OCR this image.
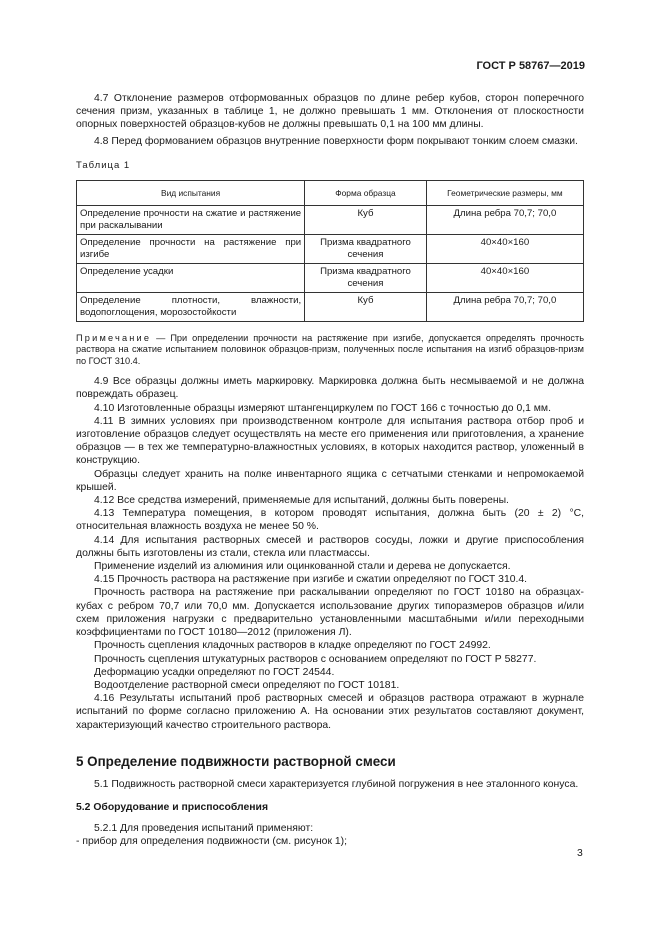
ГОСТ Р 58767—2019

4.7 Отклонение размеров отформованных образцов по длине ребер кубов, сторон поперечного сечения призм, указанных в таблице 1, не должно превышать 1 мм. Отклонения от плоскостности опорных поверхностей образцов-кубов не должны превышать 0,1 на 100 мм длины.

4.8 Перед формованием образцов внутренние поверхности форм покрывают тонким слоем смазки.

Таблица 1

Вид испытания	Форма образца	Геометрические размеры, мм
Определение прочности на сжатие и растяжение при раскалывании	Куб	Длина ребра 70,7; 70,0
Определение прочности на растяжение при изгибе	Призма квадратного сечения	40×40×160
Определение усадки	Призма квадратного сечения	40×40×160
Определение плотности, влажности, водопоглощения, морозостойкости	Куб	Длина ребра 70,7; 70,0

Примечание — При определении прочности на растяжение при изгибе, допускается определять прочность раствора на сжатие испытанием половинок образцов-призм, полученных после испытания на изгиб образцов-призм по ГОСТ 310.4.

4.9 Все образцы должны иметь маркировку. Маркировка должна быть несмываемой и не должна повреждать образец.

4.10 Изготовленные образцы измеряют штангенциркулем по ГОСТ 166 с точностью до 0,1 мм.

4.11 В зимних условиях при производственном контроле для испытания раствора отбор проб и изготовление образцов следует осуществлять на месте его применения или приготовления, а хранение образцов — в тех же температурно-влажностных условиях, в которых находится раствор, уложенный в конструкцию.

Образцы следует хранить на полке инвентарного ящика с сетчатыми стенками и непромокаемой крышей.

4.12 Все средства измерений, применяемые для испытаний, должны быть поверены.

4.13 Температура помещения, в котором проводят испытания, должна быть (20 ± 2) °С, относительная влажность воздуха не менее 50 %.

4.14 Для испытания растворных смесей и растворов сосуды, ложки и другие приспособления должны быть изготовлены из стали, стекла или пластмассы.

Применение изделий из алюминия или оцинкованной стали и дерева не допускается.

4.15 Прочность раствора на растяжение при изгибе и сжатии определяют по ГОСТ 310.4.

Прочность раствора на растяжение при раскалывании определяют по ГОСТ 10180 на образцах-кубах с ребром 70,7 или 70,0 мм. Допускается использование других типоразмеров образцов и/или схем приложения нагрузки с предварительно установленными масштабными и/или переходными коэффициентами по ГОСТ 10180—2012 (приложения Л).

Прочность сцепления кладочных растворов в кладке определяют по ГОСТ 24992.

Прочность сцепления штукатурных растворов с основанием определяют по ГОСТ Р 58277.

Деформацию усадки определяют по ГОСТ 24544.

Водоотделение растворной смеси определяют по ГОСТ 10181.

4.16 Результаты испытаний проб растворных смесей и образцов раствора отражают в журнале испытаний по форме согласно приложению А. На основании этих результатов составляют документ, характеризующий качество строительного раствора.

5 Определение подвижности растворной смеси

5.1 Подвижность растворной смеси характеризуется глубиной погружения в нее эталонного конуса.

5.2 Оборудование и приспособления

5.2.1 Для проведения испытаний применяют:

- прибор для определения подвижности (см. рисунок 1);

3
